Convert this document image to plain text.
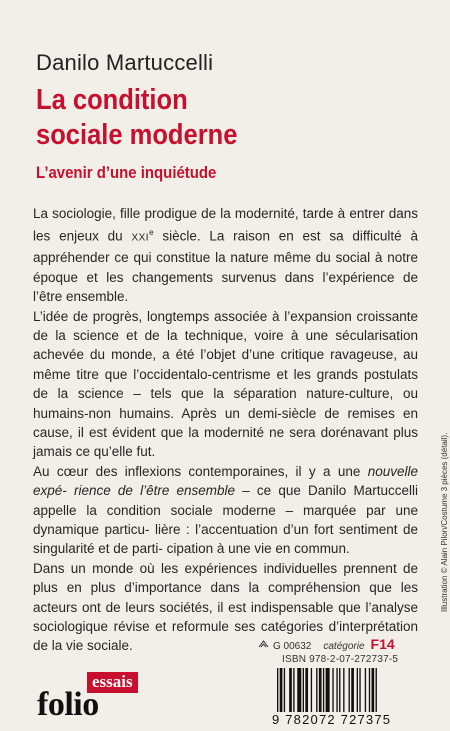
Danilo Martuccelli
La condition
sociale moderne
L’avenir d’une inquiétude

La sociologie, fille prodigue de la modernité, tarde à entrer dans les enjeux du XXIe siècle. La raison en est sa difficulté à appréhender ce qui constitue la nature même du social à notre époque et les changements survenus dans l’expérience de l’être ensemble.

L’idée de progrès, longtemps associée à l’expansion croissante de la science et de la technique, voire à une sécularisation achevée du monde, a été l’objet d’une critique ravageuse, au même titre que l’occidentalo-centrisme et les grands postulats de la science – tels que la séparation nature-culture, ou humains-non humains. Après un demi-siècle de remises en cause, il est évident que la modernité ne sera dorénavant plus jamais ce qu’elle fut.

Au cœur des inflexions contemporaines, il y a une nouvelle expé- rience de l’être ensemble – ce que Danilo Martuccelli appelle la condition sociale moderne – marquée par une dynamique particu- lière : l’accentuation d’un fort sentiment de singularité et de parti- cipation à une vie en commun.

Dans un monde où les expériences individuelles prennent de plus en plus d’importance dans la compréhension que les acteurs ont de leurs sociétés, il est indispensable que l’analyse sociologique révise et reformule ses catégories d’interprétation de la vie sociale.

Illustration © Alain Pilon/Costume 3 pièces (détail).
G 00632 catégorie F14
ISBN 978-2-07-272737-5
essais
folio	9 782072 727375
